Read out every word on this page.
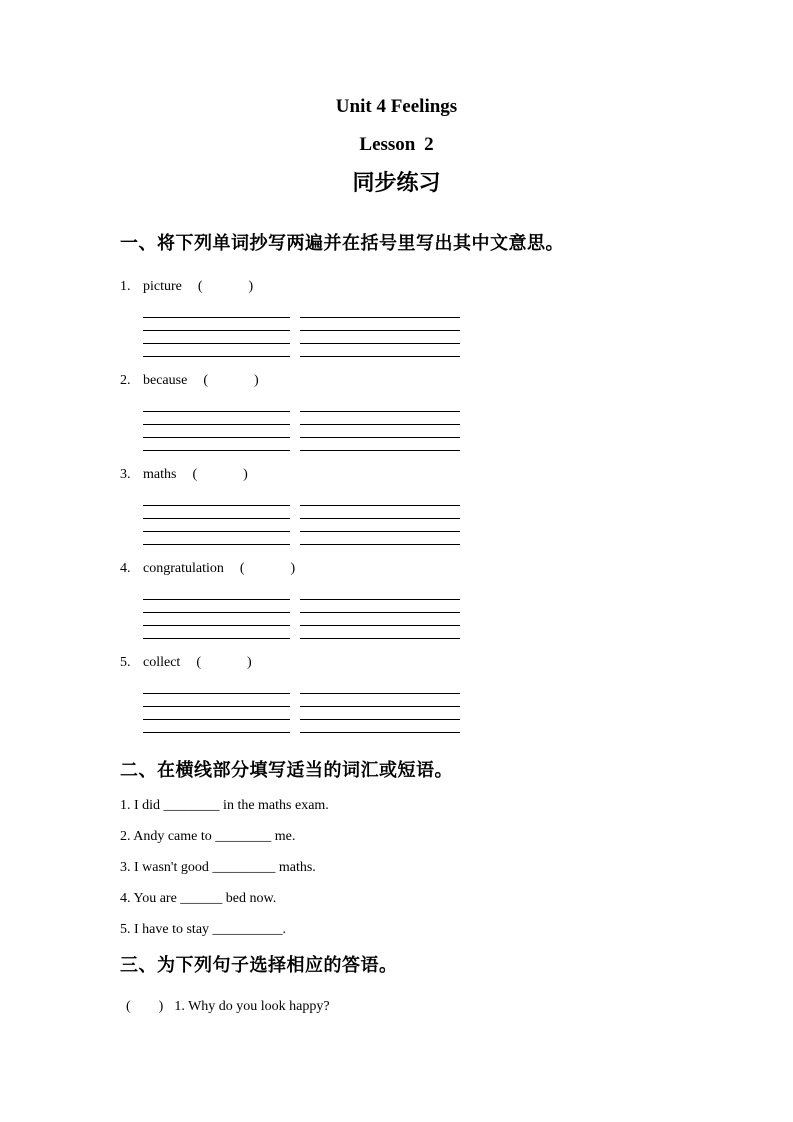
Unit 4 Feelings
Lesson 2
同步练习

一、将下列单词抄写两遍并在括号里写出其中文意思。

1. picture (          )

2. because (          )

3. maths (          )

4. congratulation (          )

5. collect (          )

二、在横线部分填写适当的词汇或短语。

1. I did ________ in the maths exam.

2. Andy came to ________ me.

3. I wasn't good _________ maths.

4. You are ______ bed now.

5. I have to stay __________.

三、为下列句子选择相应的答语。

(      ) 1. Why do you look happy?
